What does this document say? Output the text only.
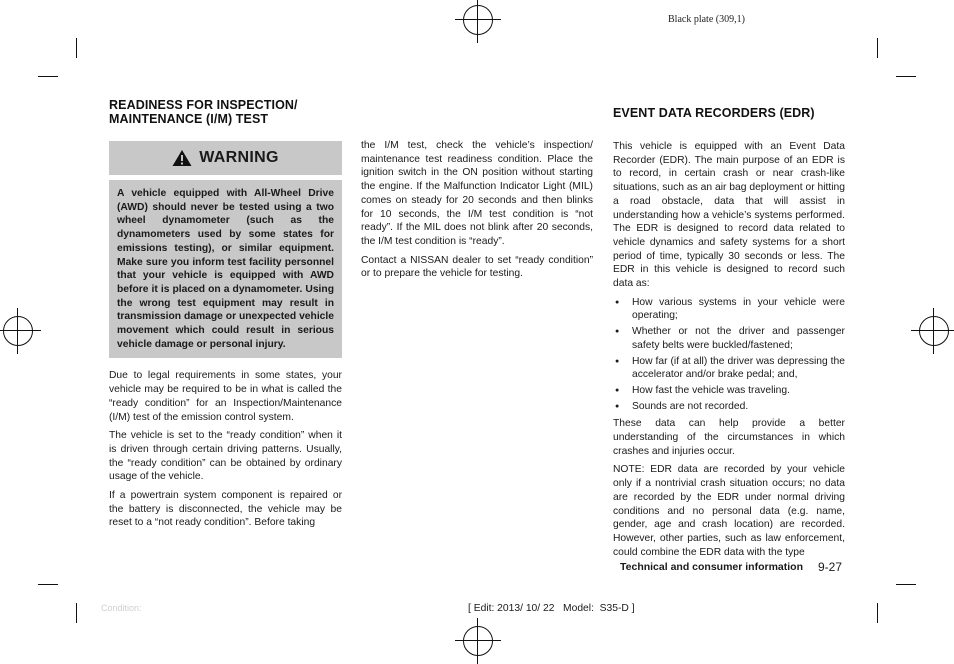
Black plate (309,1)
READINESS FOR INSPECTION/ MAINTENANCE (I/M) TEST
WARNING
A vehicle equipped with All-Wheel Drive (AWD) should never be tested using a two wheel dynamometer (such as the dynamometers used by some states for emissions testing), or similar equipment. Make sure you inform test facility personnel that your vehicle is equipped with AWD before it is placed on a dynamometer. Using the wrong test equipment may result in transmission damage or unexpected vehicle movement which could result in serious vehicle damage or personal injury.

Due to legal requirements in some states, your vehicle may be required to be in what is called the “ready condition” for an Inspection/Maintenance (I/M) test of the emission control system.

The vehicle is set to the “ready condition” when it is driven through certain driving patterns. Usually, the “ready condition” can be obtained by ordinary usage of the vehicle.

If a powertrain system component is repaired or the battery is disconnected, the vehicle may be reset to a “not ready condition”. Before taking

the I/M test, check the vehicle’s inspection/ maintenance test readiness condition. Place the ignition switch in the ON position without starting the engine. If the Malfunction Indicator Light (MIL) comes on steady for 20 seconds and then blinks for 10 seconds, the I/M test condition is “not ready”. If the MIL does not blink after 20 seconds, the I/M test condition is “ready”.

Contact a NISSAN dealer to set “ready condition” or to prepare the vehicle for testing.

EVENT DATA RECORDERS (EDR)

This vehicle is equipped with an Event Data Recorder (EDR). The main purpose of an EDR is to record, in certain crash or near crash-like situations, such as an air bag deployment or hitting a road obstacle, data that will assist in understanding how a vehicle’s systems performed. The EDR is designed to record data related to vehicle dynamics and safety systems for a short period of time, typically 30 seconds or less. The EDR in this vehicle is designed to record such data as:

● How various systems in your vehicle were operating;
● Whether or not the driver and passenger safety belts were buckled/fastened;
● How far (if at all) the driver was depressing the accelerator and/or brake pedal; and,
● How fast the vehicle was traveling.
● Sounds are not recorded.

These data can help provide a better understanding of the circumstances in which crashes and injuries occur.

NOTE: EDR data are recorded by your vehicle only if a nontrivial crash situation occurs; no data are recorded by the EDR under normal driving conditions and no personal data (e.g. name, gender, age and crash location) are recorded. However, other parties, such as law enforcement, could combine the EDR data with the type

Technical and consumer information 9-27
Condition:	[ Edit: 2013/ 10/ 22   Model:  S35-D ]
